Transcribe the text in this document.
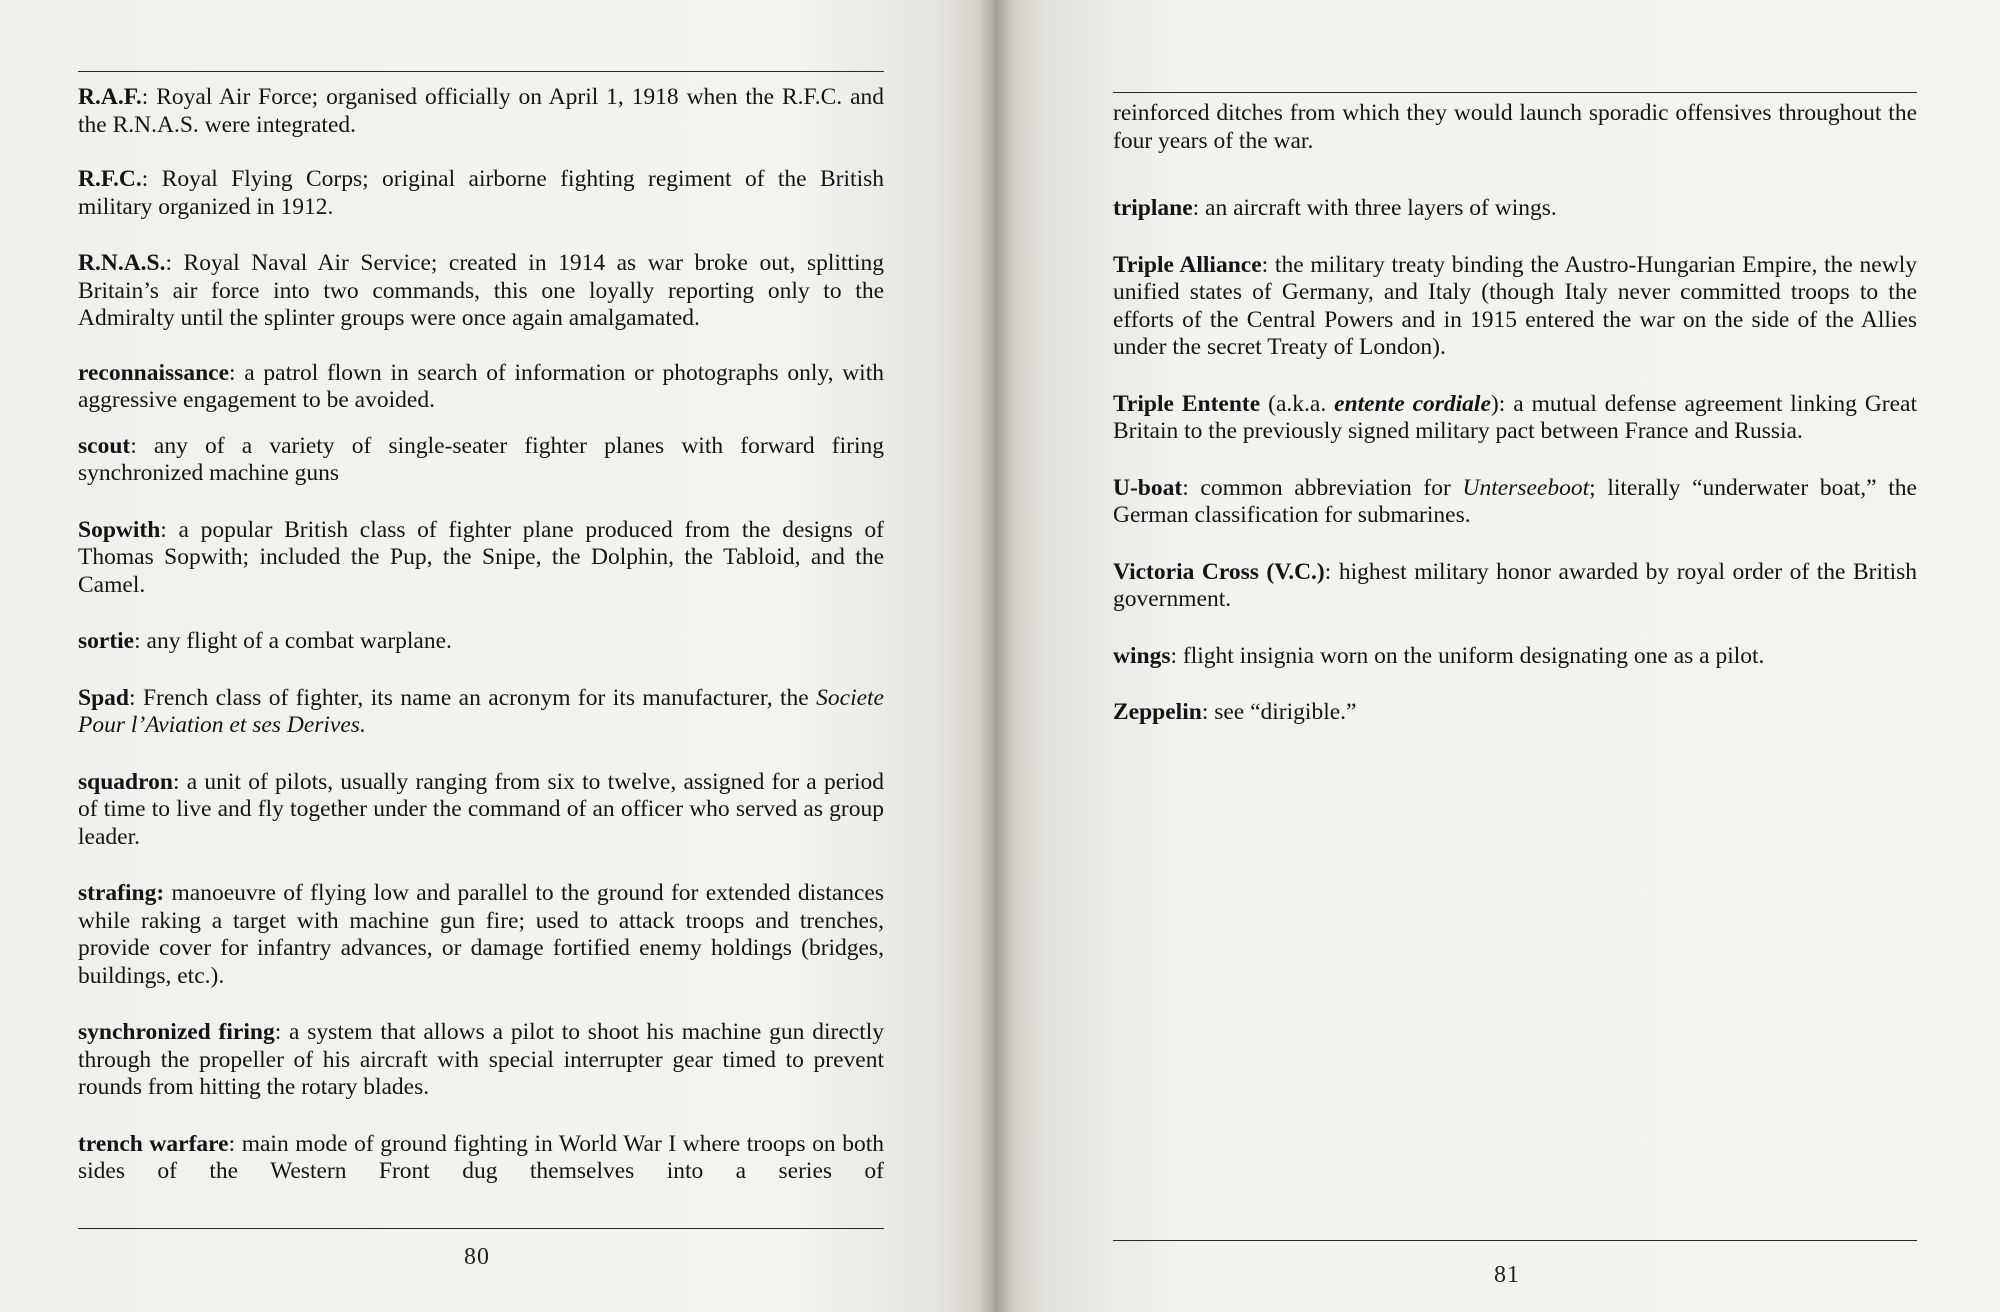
R.A.F.: Royal Air Force; organised officially on April 1, 1918 when the R.F.C. and the R.N.A.S. were integrated.

R.F.C.: Royal Flying Corps; original airborne fighting regiment of the British military organized in 1912.

R.N.A.S.: Royal Naval Air Service; created in 1914 as war broke out, splitting Britain’s air force into two commands, this one loyally reporting only to the Admiralty until the splinter groups were once again amalgamated.

reconnaissance: a patrol flown in search of information or photographs only, with aggressive engagement to be avoided.

scout: any of a variety of single-seater fighter planes with forward firing synchronized machine guns

Sopwith: a popular British class of fighter plane produced from the designs of Thomas Sopwith; included the Pup, the Snipe, the Dolphin, the Tabloid, and the Camel.

sortie: any flight of a combat warplane.

Spad: French class of fighter, its name an acronym for its manufacturer, the Societe Pour l’Aviation et ses Derives.

squadron: a unit of pilots, usually ranging from six to twelve, assigned for a period of time to live and fly together under the command of an officer who served as group leader.

strafing: manoeuvre of flying low and parallel to the ground for extended distances while raking a target with machine gun fire; used to attack troops and trenches, provide cover for infantry advances, or damage fortified enemy holdings (bridges, buildings, etc.).

synchronized firing: a system that allows a pilot to shoot his machine gun directly through the propeller of his aircraft with special interrupter gear timed to prevent rounds from hitting the rotary blades.

trench warfare: main mode of ground fighting in World War I where troops on both sides of the Western Front dug themselves into a series of

80

reinforced ditches from which they would launch sporadic offensives throughout the four years of the war.

triplane: an aircraft with three layers of wings.

Triple Alliance: the military treaty binding the Austro-Hungarian Empire, the newly unified states of Germany, and Italy (though Italy never committed troops to the efforts of the Central Powers and in 1915 entered the war on the side of the Allies under the secret Treaty of London).

Triple Entente (a.k.a. entente cordiale): a mutual defense agreement linking Great Britain to the previously signed military pact between France and Russia.

U-boat: common abbreviation for Unterseeboot; literally “underwater boat,” the German classification for submarines.

Victoria Cross (V.C.): highest military honor awarded by royal order of the British government.

wings: flight insignia worn on the uniform designating one as a pilot.

Zeppelin: see “dirigible.”

81
